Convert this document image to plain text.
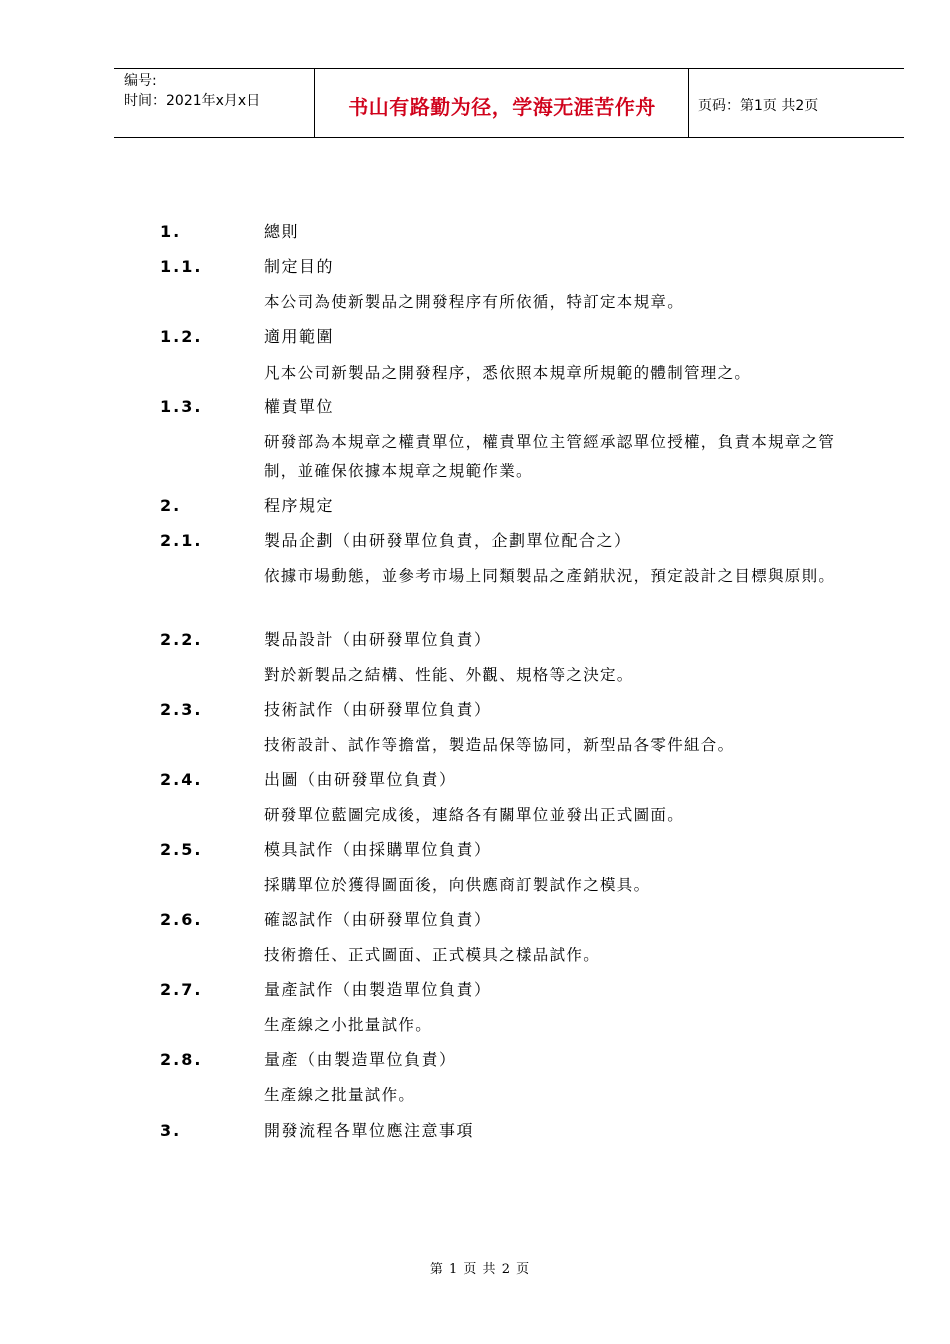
编号:
时间：2021年x月x日	书山有路勤为径，学海无涯苦作舟	页码：第1页 共2页
1.	總則
1.1.	制定目的
本公司為使新製品之開發程序有所依循，特訂定本規章。
1.2.	適用範圍
凡本公司新製品之開發程序，悉依照本規章所規範的體制管理之。
1.3.	權責單位
研發部為本規章之權責單位，權責單位主管經承認單位授權，負責本規章之管制，並確保依據本規章之規範作業。
2.	程序規定
2.1.	製品企劃（由研發單位負責，企劃單位配合之）
依據市場動態，並參考市場上同類製品之產銷狀況，預定設計之目標與原則。
2.2.	製品設計（由研發單位負責）
對於新製品之結構、性能、外觀、規格等之決定。
2.3.	技術試作（由研發單位負責）
技術設計、試作等擔當，製造品保等協同，新型品各零件組合。
2.4.	出圖（由研發單位負責）
研發單位藍圖完成後，連絡各有關單位並發出正式圖面。
2.5.	模具試作（由採購單位負責）
採購單位於獲得圖面後，向供應商訂製試作之模具。
2.6.	確認試作（由研發單位負責）
技術擔任、正式圖面、正式模具之樣品試作。
2.7.	量產試作（由製造單位負責）
生產線之小批量試作。
2.8.	量產（由製造單位負責）
生產線之批量試作。
3.	開發流程各單位應注意事項
第 1 页 共 2 页
